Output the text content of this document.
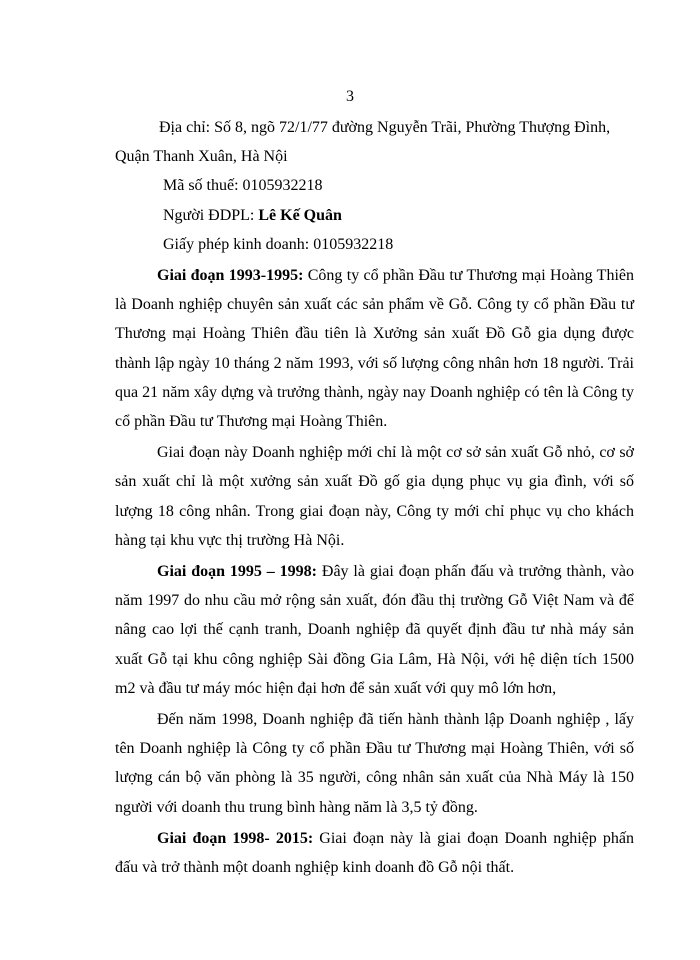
3

Địa chỉ: Số 8, ngõ 72/1/77 đường Nguyễn Trãi, Phường Thượng Đình, Quận Thanh Xuân, Hà Nội

Mã số thuế: 0105932218

Người ĐDPL: Lê Kế Quân

Giấy phép kinh doanh: 0105932218

Giai đoạn 1993-1995: Công ty cổ phần Đầu tư Thương mại Hoàng Thiên là Doanh nghiệp chuyên sản xuất các sản phẩm về Gỗ. Công ty cổ phần Đầu tư Thương mại Hoàng Thiên đầu tiên là Xưởng sản xuất Đồ Gỗ gia dụng được thành lập ngày 10 tháng 2 năm 1993, với số lượng công nhân hơn 18 người. Trải qua 21 năm xây dựng và trưởng thành, ngày nay Doanh nghiệp có tên là Công ty cổ phần Đầu tư Thương mại Hoàng Thiên.

Giai đoạn này Doanh nghiệp mới chỉ là một cơ sở sản xuất Gỗ nhỏ, cơ sở sản xuất chỉ là một xưởng sản xuất Đồ gố gia dụng phục vụ gia đình, với số lượng 18 công nhân. Trong giai đoạn này, Công ty mới chỉ phục vụ cho khách hàng tại khu vực thị trường Hà Nội.

Giai đoạn 1995 – 1998: Đây là giai đoạn phấn đấu và trưởng thành, vào năm 1997 do nhu cầu mở rộng sản xuất, đón đầu thị trường Gỗ Việt Nam và để nâng cao lợi thế cạnh tranh, Doanh nghiệp đã quyết định đầu tư nhà máy sản xuất Gỗ tại khu công nghiệp Sài đồng Gia Lâm, Hà Nội, với hệ diện tích 1500 m2 và đầu tư máy móc hiện đại hơn để sản xuất với quy mô lớn hơn,

Đến năm 1998, Doanh nghiệp đã tiến hành thành lập Doanh nghiệp , lấy tên Doanh nghiệp là Công ty cổ phần Đầu tư Thương mại Hoàng Thiên, với số lượng cán bộ văn phòng là 35 người, công nhân sản xuất của Nhà Máy là 150 người với doanh thu trung bình hàng năm là 3,5 tỷ đồng.

Giai đoạn 1998- 2015: Giai đoạn này là giai đoạn Doanh nghiệp phấn đấu và trở thành một doanh nghiệp kinh doanh đồ Gỗ nội thất.
